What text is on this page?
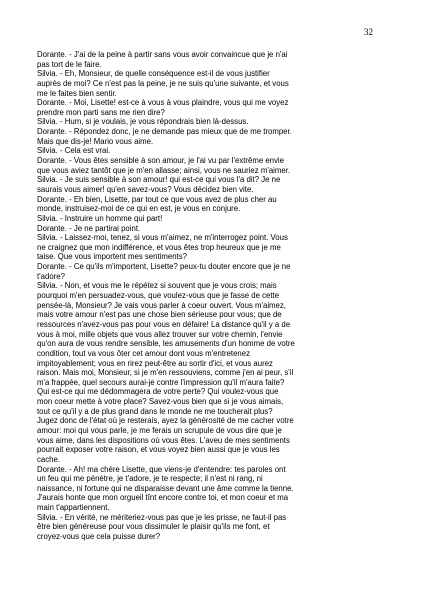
32
Dorante. - J'ai de la peine à partir sans vous avoir convaincue que je n'ai
pas tort de le faire.
Silvia. - Eh, Monsieur, de quelle conséquence est-il de vous justifier
auprès de moi? Ce n'est pas la peine, je ne suis qu'une suivante, et vous
me le faites bien sentir.
Dorante. - Moi, Lisette! est-ce à vous à vous plaindre, vous qui me voyez
prendre mon parti sans me rien dire?
Silvia. - Hum, si je voulais, je vous répondrais bien là-dessus.
Dorante. - Répondez donc, je ne demande pas mieux que de me tromper.
Mais que dis-je! Mario vous aime.
Silvia. - Cela est vrai.
Dorante. - Vous êtes sensible à son amour, je l'ai vu par l'extrême envie
que vous aviez tantôt que je m'en allasse; ainsi, vous ne sauriez m'aimer.
Silvia. - Je suis sensible à son amour! qui est-ce qui vous l'a dit? Je ne
saurais vous aimer! qu'en savez-vous? Vous décidez bien vite.
Dorante. - Eh bien, Lisette, par tout ce que vous avez de plus cher au
monde, instruisez-moi de ce qui en est, je vous en conjure.
Silvia. - Instruire un homme qui part!
Dorante. - Je ne partirai point.
Silvia. - Laissez-moi, tenez, si vous m'aimez, ne m'interrogez point. Vous
ne craignez que mon indifférence, et vous êtes trop heureux que je me
taise. Que vous importent mes sentiments?
Dorante. - Ce qu'ils m'importent, Lisette? peux-tu douter encore que je ne
t'adore?
Silvia. - Non, et vous me le répétez si souvent que je vous crois; mais
pourquoi m'en persuadez-vous, que voulez-vous que je fasse de cette
pensée-là, Monsieur? Je vais vous parler à coeur ouvert. Vous m'aimez,
mais votre amour n'est pas une chose bien sérieuse pour vous; que de
ressources n'avez-vous pas pour vous en défaire! La distance qu'il y a de
vous à moi, mille objets que vous allez trouver sur votre chemin, l'envie
qu'on aura de vous rendre sensible, les amusements d'un homme de votre
condition, tout va vous ôter cet amour dont vous m'entretenez
impitoyablement; vous en rirez peut-être au sortir d'ici, et vous aurez
raison. Mais moi, Monsieur, si je m'en ressouviens, comme j'en ai peur, s'il
m'a frappée, quel secours aurai-je contre l'impression qu'il m'aura faite?
Qui est-ce qui me dédommagera de votre perte? Qui voulez-vous que
mon coeur mette à votre place? Savez-vous bien que si je vous aimais,
tout ce qu'il y a de plus grand dans le monde ne me toucherait plus?
Jugez donc de l'état où je resterais, ayez la générosité de me cacher votre
amour: moi qui vous parle, je me ferais un scrupule de vous dire que je
vous aime, dans les dispositions où vous êtes. L'aveu de mes sentiments
pourrait exposer votre raison, et vous voyez bien aussi que je vous les
cache.
Dorante. - Ah! ma chère Lisette, que viens-je d'entendre: tes paroles ont
un feu qui me pénètre, je t'adore, je te respecte; il n'est ni rang, ni
naissance, ni fortune qui ne disparaisse devant une âme comme la tienne.
J'aurais honte que mon orgueil tînt encore contre toi, et mon coeur et ma
main t'appartiennent.
Silvia. - En vérité, ne mériteriez-vous pas que je les prisse, ne faut-il pas
être bien généreuse pour vous dissimuler le plaisir qu'ils me font, et
croyez-vous que cela puisse durer?
